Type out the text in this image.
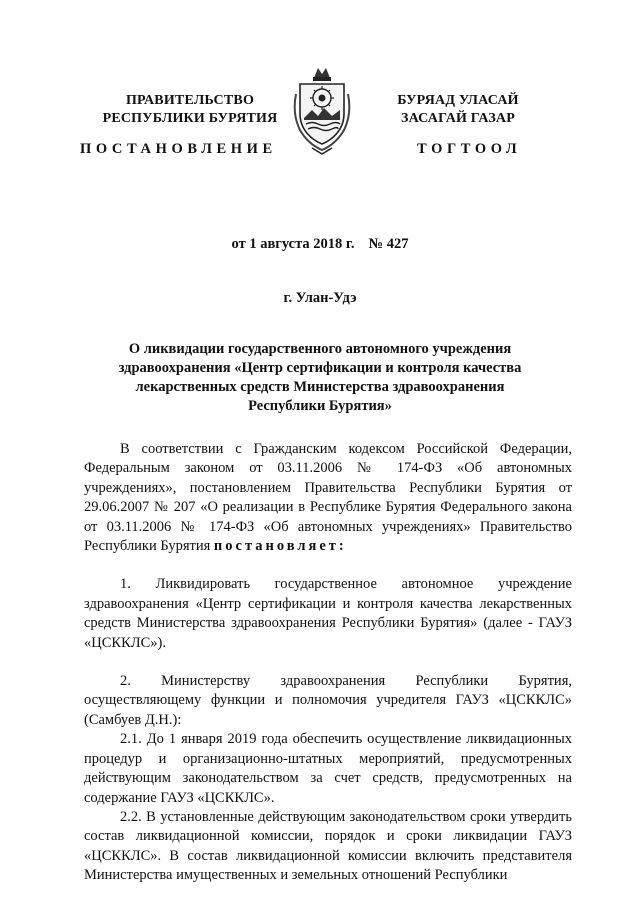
ПРАВИТЕЛЬСТВО
РЕСПУБЛИКИ БУРЯТИЯ
БУРЯАД УЛАСАЙ
ЗАСАГАЙ ГАЗАР
ПОСТАНОВЛЕНИЕ	ТОГТООЛ
от 1 августа 2018 г. № 427
г. Улан-Удэ
О ликвидации государственного автономного учреждения здравоохранения «Центр сертификации и контроля качества лекарственных средств Министерства здравоохранения Республики Бурятия»

В соответствии с Гражданским кодексом Российской Федерации, Федеральным законом от 03.11.2006 № 174-ФЗ «Об автономных учреждениях», постановлением Правительства Республики Бурятия от 29.06.2007 № 207 «О реализации в Республике Бурятия Федерального закона от 03.11.2006 № 174-ФЗ «Об автономных учреждениях» Правительство Республики Бурятия постановляет:

1. Ликвидировать государственное автономное учреждение здравоохранения «Центр сертификации и контроля качества лекарственных средств Министерства здравоохранения Республики Бурятия» (далее - ГАУЗ «ЦСККЛС»).

2. Министерству здравоохранения Республики Бурятия, осуществляющему функции и полномочия учредителя ГАУЗ «ЦСККЛС» (Самбуев Д.Н.):

2.1. До 1 января 2019 года обеспечить осуществление ликвидационных процедур и организационно-штатных мероприятий, предусмотренных действующим законодательством за счет средств, предусмотренных на содержание ГАУЗ «ЦСККЛС».

2.2. В установленные действующим законодательством сроки утвердить состав ликвидационной комиссии, порядок и сроки ликвидации ГАУЗ «ЦСККЛС». В состав ликвидационной комиссии включить представителя Министерства имущественных и земельных отношений Республики
